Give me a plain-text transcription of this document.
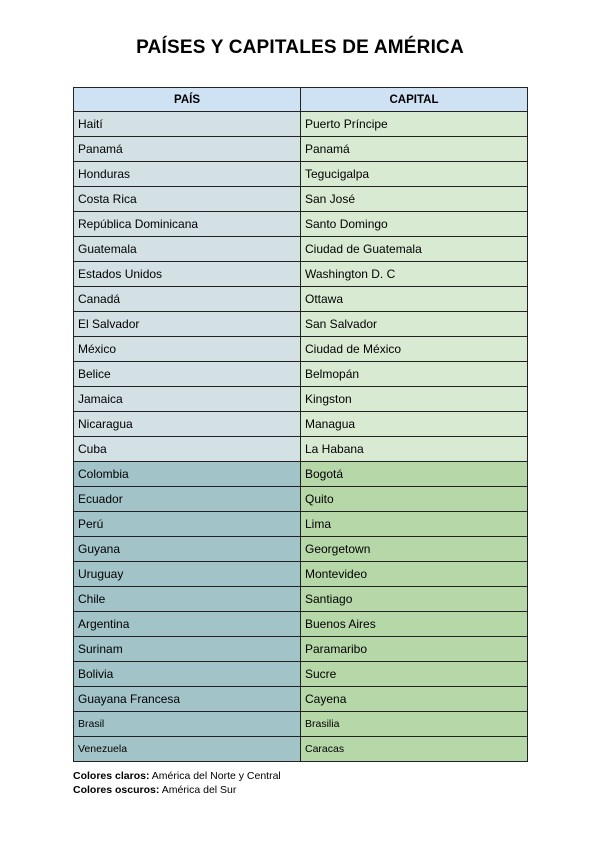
PAÍSES Y CAPITALES DE AMÉRICA
PAÍS	CAPITAL
Haití	Puerto Príncipe
Panamá	Panamá
Honduras	Tegucigalpa
Costa Rica	San José
República Dominicana	Santo Domingo
Guatemala	Ciudad de Guatemala
Estados Unidos	Washington D. C
Canadá	Ottawa
El Salvador	San Salvador
México	Ciudad de México
Belice	Belmopán
Jamaica	Kingston
Nicaragua	Managua
Cuba	La Habana
Colombia	Bogotá
Ecuador	Quito
Perú	Lima
Guyana	Georgetown
Uruguay	Montevideo
Chile	Santiago
Argentina	Buenos Aires
Surinam	Paramaribo
Bolivia	Sucre
Guayana Francesa	Cayena
Brasil	Brasilia
Venezuela	Caracas
Colores claros: América del Norte y Central
Colores oscuros: América del Sur
